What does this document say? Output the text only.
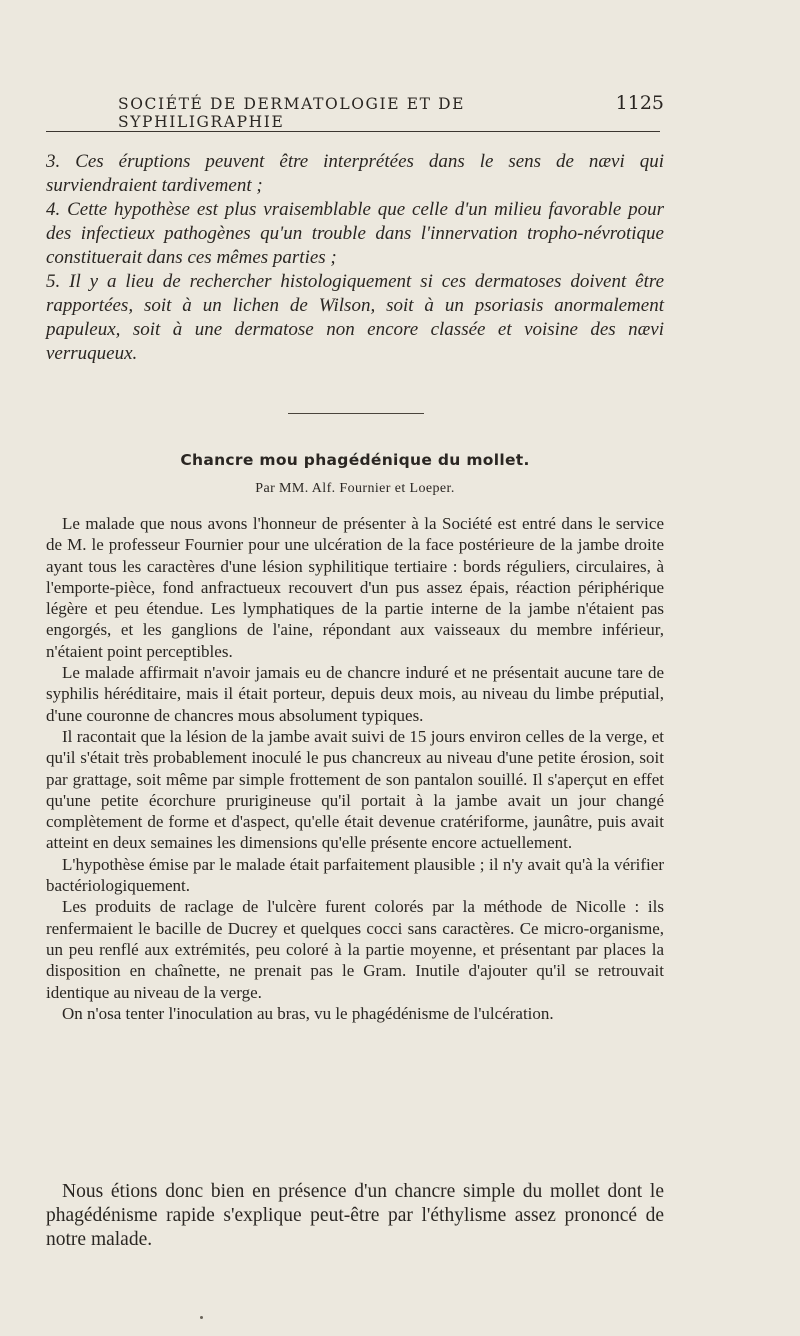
SOCIÉTÉ DE DERMATOLOGIE ET DE SYPHILIGRAPHIE
1125

3. Ces éruptions peuvent être interprétées dans le sens de nævi qui surviendraient tardivement ;

4. Cette hypothèse est plus vraisemblable que celle d'un milieu favorable pour des infectieux pathogènes qu'un trouble dans l'innervation tropho-névrotique constituerait dans ces mêmes parties ;

5. Il y a lieu de rechercher histologiquement si ces dermatoses doivent être rapportées, soit à un lichen de Wilson, soit à un psoriasis anormalement papuleux, soit à une dermatose non encore classée et voisine des nævi verruqueux.

Chancre mou phagédénique du mollet.
Par MM. Alf. Fournier et Loeper.

Le malade que nous avons l'honneur de présenter à la Société est entré dans le service de M. le professeur Fournier pour une ulcération de la face postérieure de la jambe droite ayant tous les caractères d'une lésion syphilitique tertiaire : bords réguliers, circulaires, à l'emporte-pièce, fond anfractueux recouvert d'un pus assez épais, réaction périphérique légère et peu étendue. Les lymphatiques de la partie interne de la jambe n'étaient pas engorgés, et les ganglions de l'aine, répondant aux vaisseaux du membre inférieur, n'étaient point perceptibles.

Le malade affirmait n'avoir jamais eu de chancre induré et ne présentait aucune tare de syphilis héréditaire, mais il était porteur, depuis deux mois, au niveau du limbe préputial, d'une couronne de chancres mous absolument typiques.

Il racontait que la lésion de la jambe avait suivi de 15 jours environ celles de la verge, et qu'il s'était très probablement inoculé le pus chancreux au niveau d'une petite érosion, soit par grattage, soit même par simple frottement de son pantalon souillé. Il s'aperçut en effet qu'une petite écorchure prurigineuse qu'il portait à la jambe avait un jour changé complètement de forme et d'aspect, qu'elle était devenue cratériforme, jaunâtre, puis avait atteint en deux semaines les dimensions qu'elle présente encore actuellement.

L'hypothèse émise par le malade était parfaitement plausible ; il n'y avait qu'à la vérifier bactériologiquement.

Les produits de raclage de l'ulcère furent colorés par la méthode de Nicolle : ils renfermaient le bacille de Ducrey et quelques cocci sans caractères. Ce micro-organisme, un peu renflé aux extrémités, peu coloré à la partie moyenne, et présentant par places la disposition en chaînette, ne prenait pas le Gram. Inutile d'ajouter qu'il se retrouvait identique au niveau de la verge.

On n'osa tenter l'inoculation au bras, vu le phagédénisme de l'ulcération.

Nous étions donc bien en présence d'un chancre simple du mollet dont le phagédénisme rapide s'explique peut-être par l'éthylisme assez prononcé de notre malade.
